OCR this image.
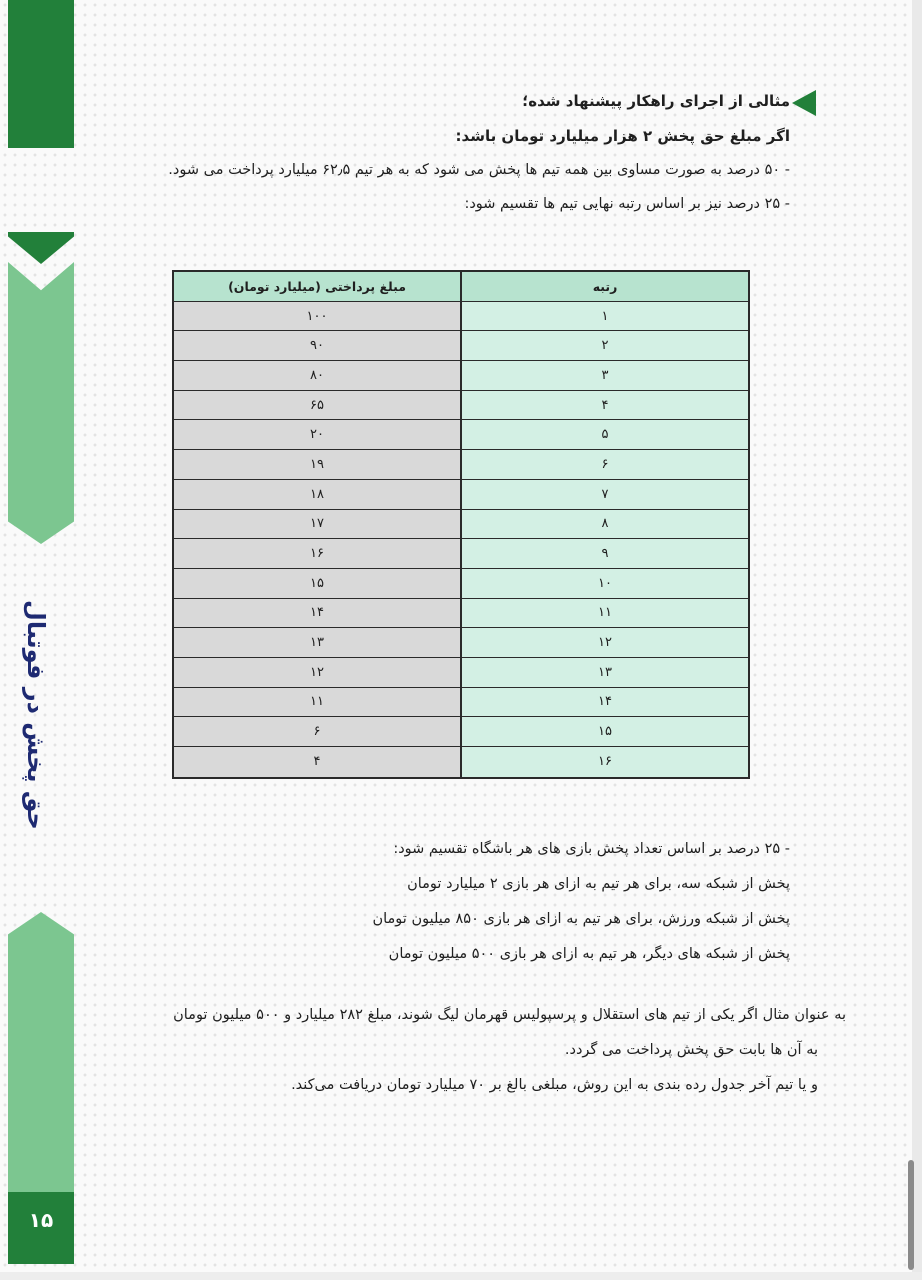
حق پخش در فوتبال
۱۵
مثالی از اجرای راهکار پیشنهاد شده؛
اگر مبلغ حق پخش ۲ هزار میلیارد تومان باشد:
- ۵۰ درصد به صورت مساوی بین همه تیم ها پخش می شود که به هر تیم ۶۲٫۵ میلیارد پرداخت می شود.
- ۲۵ درصد نیز بر اساس رتبه نهایی تیم ها تقسیم شود:
مبلغ پرداختی (میلیارد تومان)	رتبه
۱۰۰	۱
۹۰	۲
۸۰	۳
۶۵	۴
۲۰	۵
۱۹	۶
۱۸	۷
۱۷	۸
۱۶	۹
۱۵	۱۰
۱۴	۱۱
۱۳	۱۲
۱۲	۱۳
۱۱	۱۴
۶	۱۵
۴	۱۶
- ۲۵ درصد بر اساس تعداد پخش بازی های هر باشگاه تقسیم شود:
پخش از شبکه سه، برای هر تیم به ازای هر بازی ۲ میلیارد تومان
پخش از شبکه ورزش، برای هر تیم به ازای هر بازی ۸۵۰ میلیون تومان
پخش از شبکه های دیگر، هر تیم به ازای هر بازی ۵۰۰ میلیون تومان
به عنوان مثال اگر یکی از تیم های استقلال و پرسپولیس قهرمان لیگ شوند، مبلغ ۲۸۲ میلیارد و ۵۰۰ میلیون تومان
به آن ها بابت حق پخش پرداخت می گردد.
و یا تیم آخر جدول رده بندی به این روش، مبلغی بالغ بر ۷۰ میلیارد تومان دریافت می‌کند.
